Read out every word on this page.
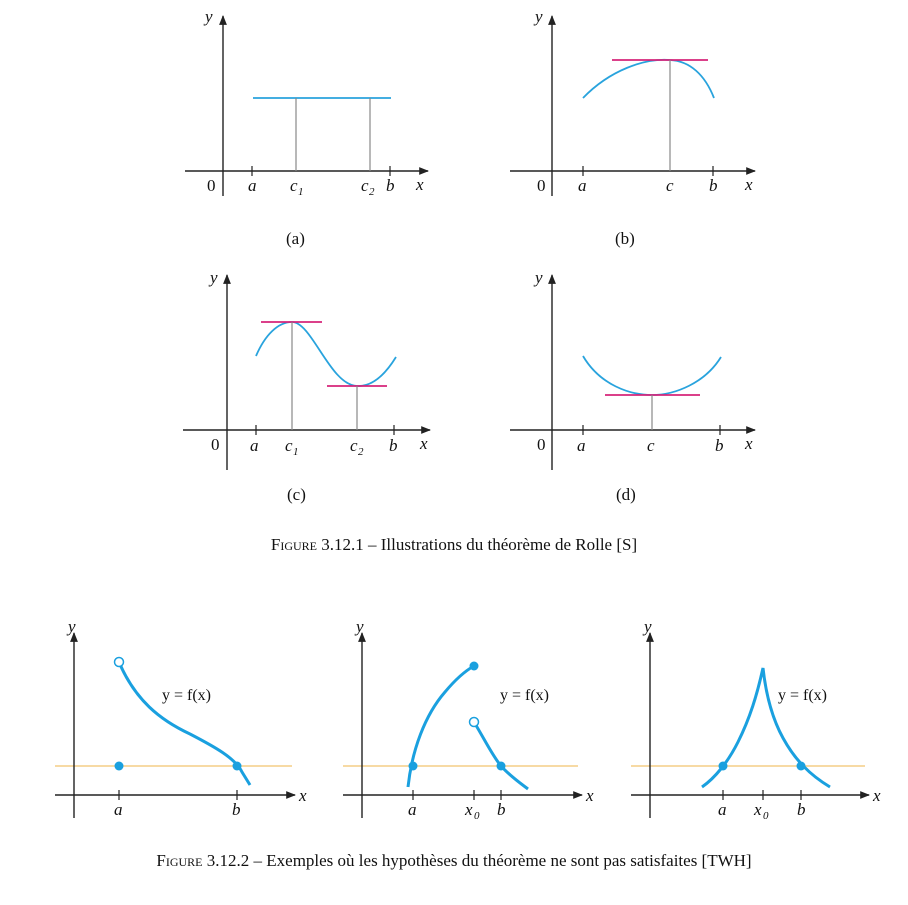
y
x
0 a c 1	c 2 b
(a)
y
x
0 a	c b
(b)
y
x
0 a c 1	c 2 b
(c)
y
x
0 a	c	b
(d)
y
x
y = f(x)
a	b
y
x
y = f(x)
a	x 0 b
y
x
y = f(x)
a x 0 b
Figure 3.12.1 – Illustrations du théorème de Rolle [S]
Figure 3.12.2 – Exemples où les hypothèses du théorème ne sont pas satisfaites [TWH]
